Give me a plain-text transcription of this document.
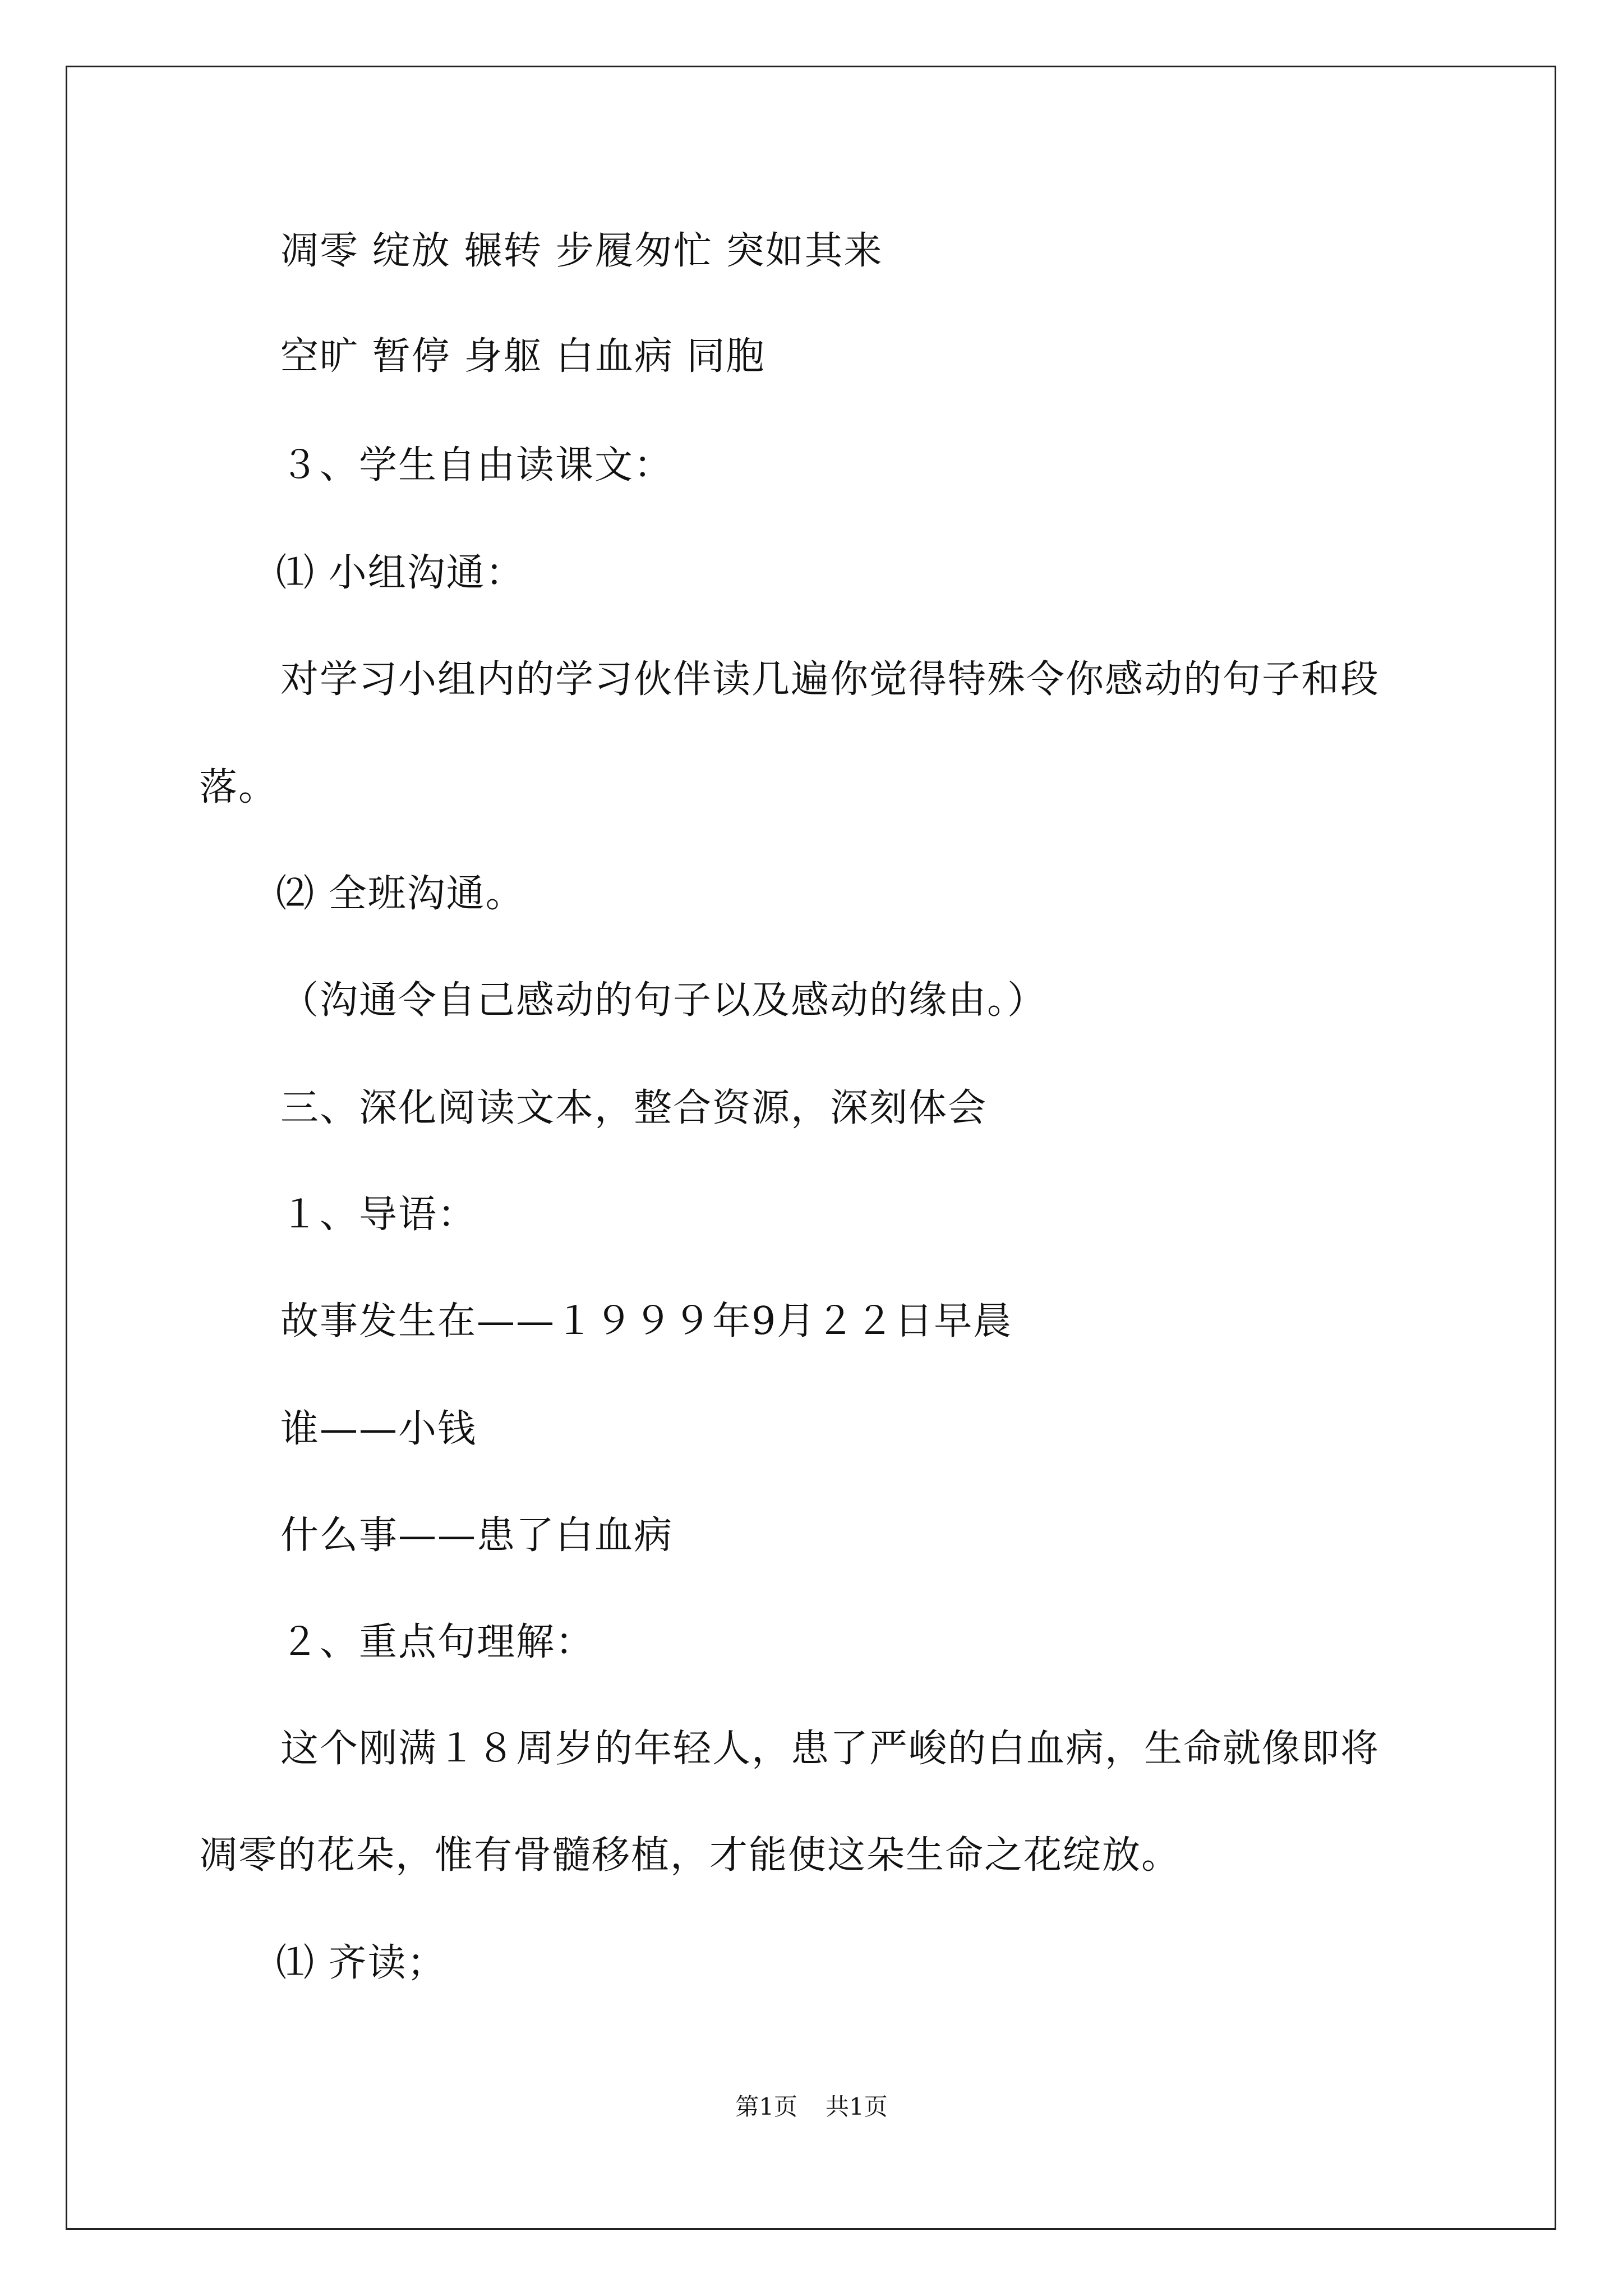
凋零 绽放 辗转 步履匆忙 突如其来
空旷 暂停 身躯 白血病 同胞
３、学生自由读课文：
⑴ 小组沟通：
对学习小组内的学习伙伴读几遍你觉得特殊令你感动的句子和段
落。
⑵ 全班沟通。
（沟通令自己感动的句子以及感动的缘由。）
三、深化阅读文本，整合资源，深刻体会
１、导语：
故事发生在——１９９９年9月２２日早晨
谁——小钱
什么事——患了白血病
２、重点句理解：
这个刚满１８周岁的年轻人，患了严峻的白血病，生命就像即将
凋零的花朵，惟有骨髓移植，才能使这朵生命之花绽放。
⑴ 齐读；
第1页 共1页
